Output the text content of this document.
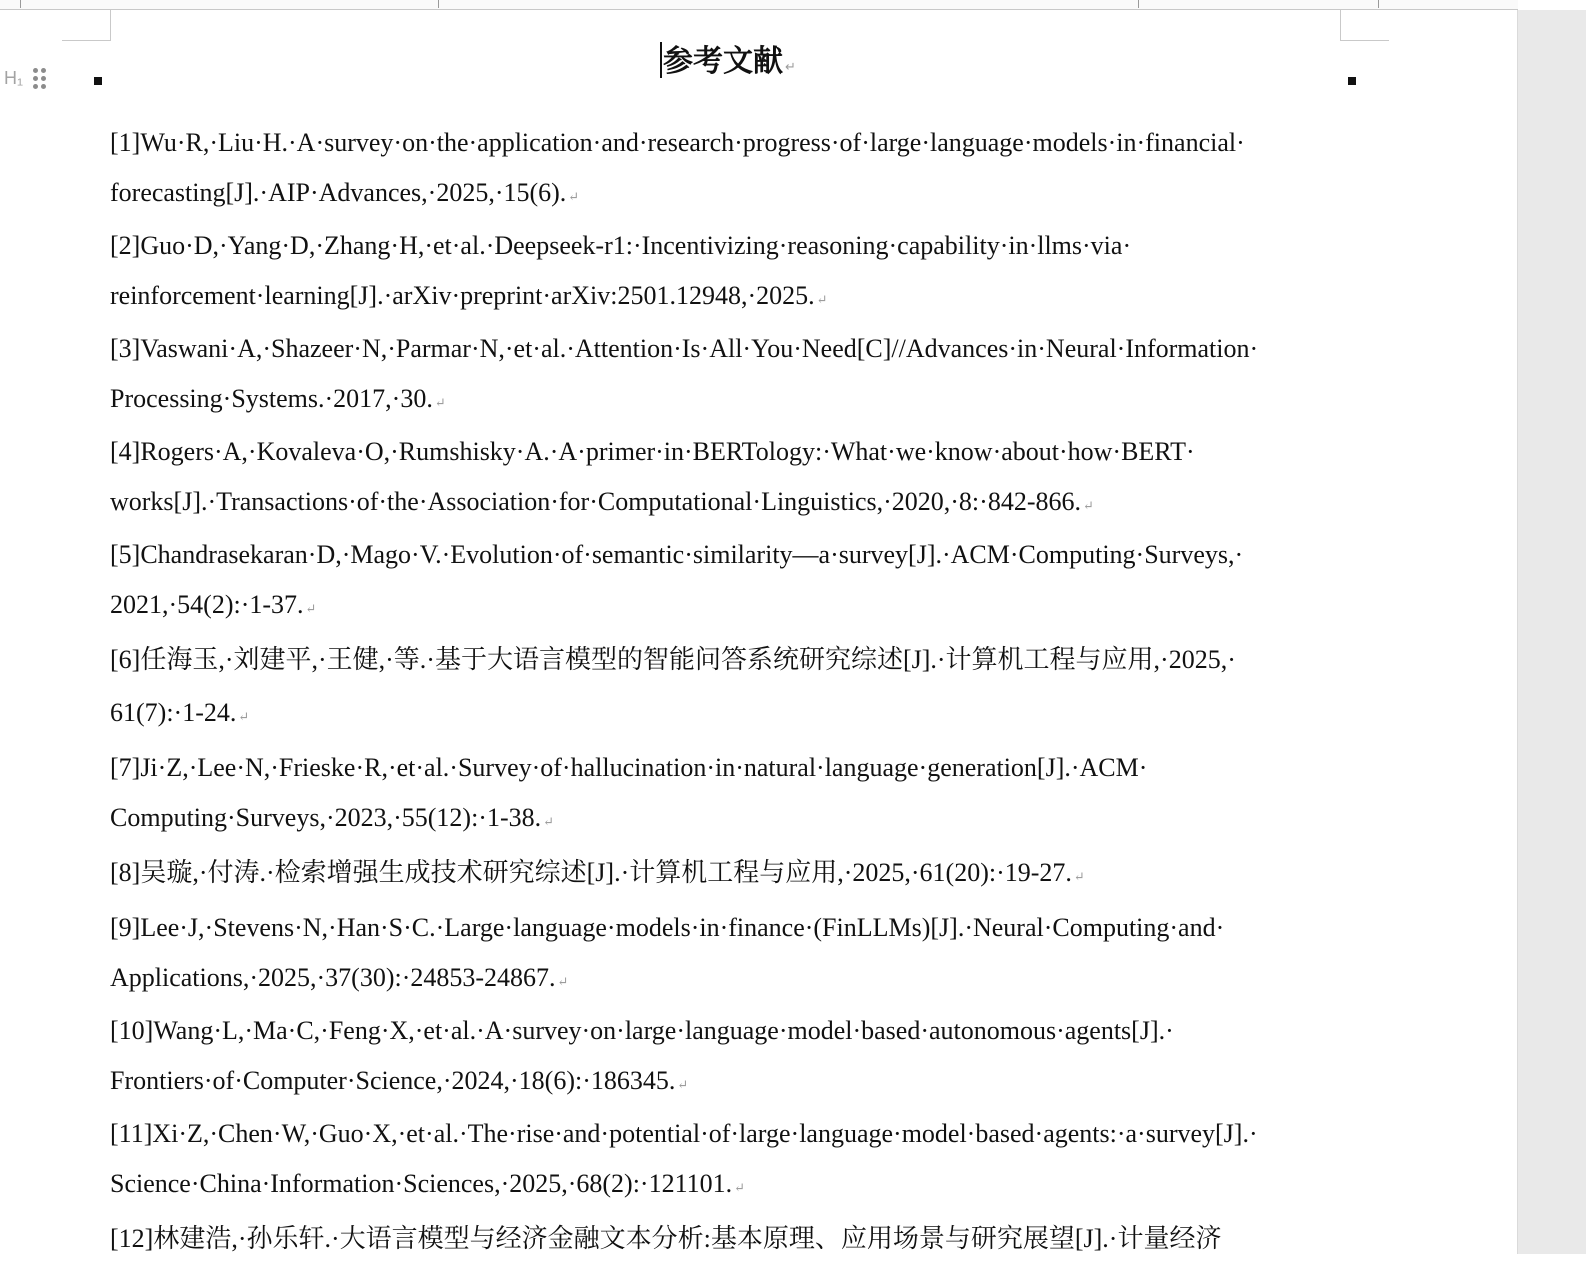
H₁	参考文献 ↵

[1]Wu·R,·Liu·H.·A·survey·on·the·application·and·research·progress·of·large·language·models·in·financial·

forecasting[J].·AIP·Advances,·2025,·15(6). ↵

[2]Guo·D,·Yang·D,·Zhang·H,·et·al.·Deepseek-r1:·Incentivizing·reasoning·capability·in·llms·via·

reinforcement·learning[J].·arXiv·preprint·arXiv:2501.12948,·2025. ↵

[3]Vaswani·A,·Shazeer·N,·Parmar·N,·et·al.·Attention·Is·All·You·Need[C]//Advances·in·Neural·Information·

Processing·Systems.·2017,·30. ↵

[4]Rogers·A,·Kovaleva·O,·Rumshisky·A.·A·primer·in·BERTology:·What·we·know·about·how·BERT·

works[J].·Transactions·of·the·Association·for·Computational·Linguistics,·2020,·8:·842-866. ↵

[5]Chandrasekaran·D,·Mago·V.·Evolution·of·semantic·similarity—a·survey[J].·ACM·Computing·Surveys,·

2021,·54(2):·1-37. ↵

[6]任海玉,·刘建平,·王健,·等.·基于大语言模型的智能问答系统研究综述[J].·计算机工程与应用,·2025,·

61(7):·1-24. ↵

[7]Ji·Z,·Lee·N,·Frieske·R,·et·al.·Survey·of·hallucination·in·natural·language·generation[J].·ACM·

Computing·Surveys,·2023,·55(12):·1-38. ↵

[8]吴璇,·付涛.·检索增强生成技术研究综述[J].·计算机工程与应用,·2025,·61(20):·19-27. ↵

[9]Lee·J,·Stevens·N,·Han·S·C.·Large·language·models·in·finance·(FinLLMs)[J].·Neural·Computing·and·

Applications,·2025,·37(30):·24853-24867. ↵

[10]Wang·L,·Ma·C,·Feng·X,·et·al.·A·survey·on·large·language·model·based·autonomous·agents[J].·

Frontiers·of·Computer·Science,·2024,·18(6):·186345. ↵

[11]Xi·Z,·Chen·W,·Guo·X,·et·al.·The·rise·and·potential·of·large·language·model·based·agents:·a·survey[J].·

Science·China·Information·Sciences,·2025,·68(2):·121101. ↵

[12]林建浩,·孙乐轩.·大语言模型与经济金融文本分析:基本原理、应用场景与研究展望[J].·计量经济
